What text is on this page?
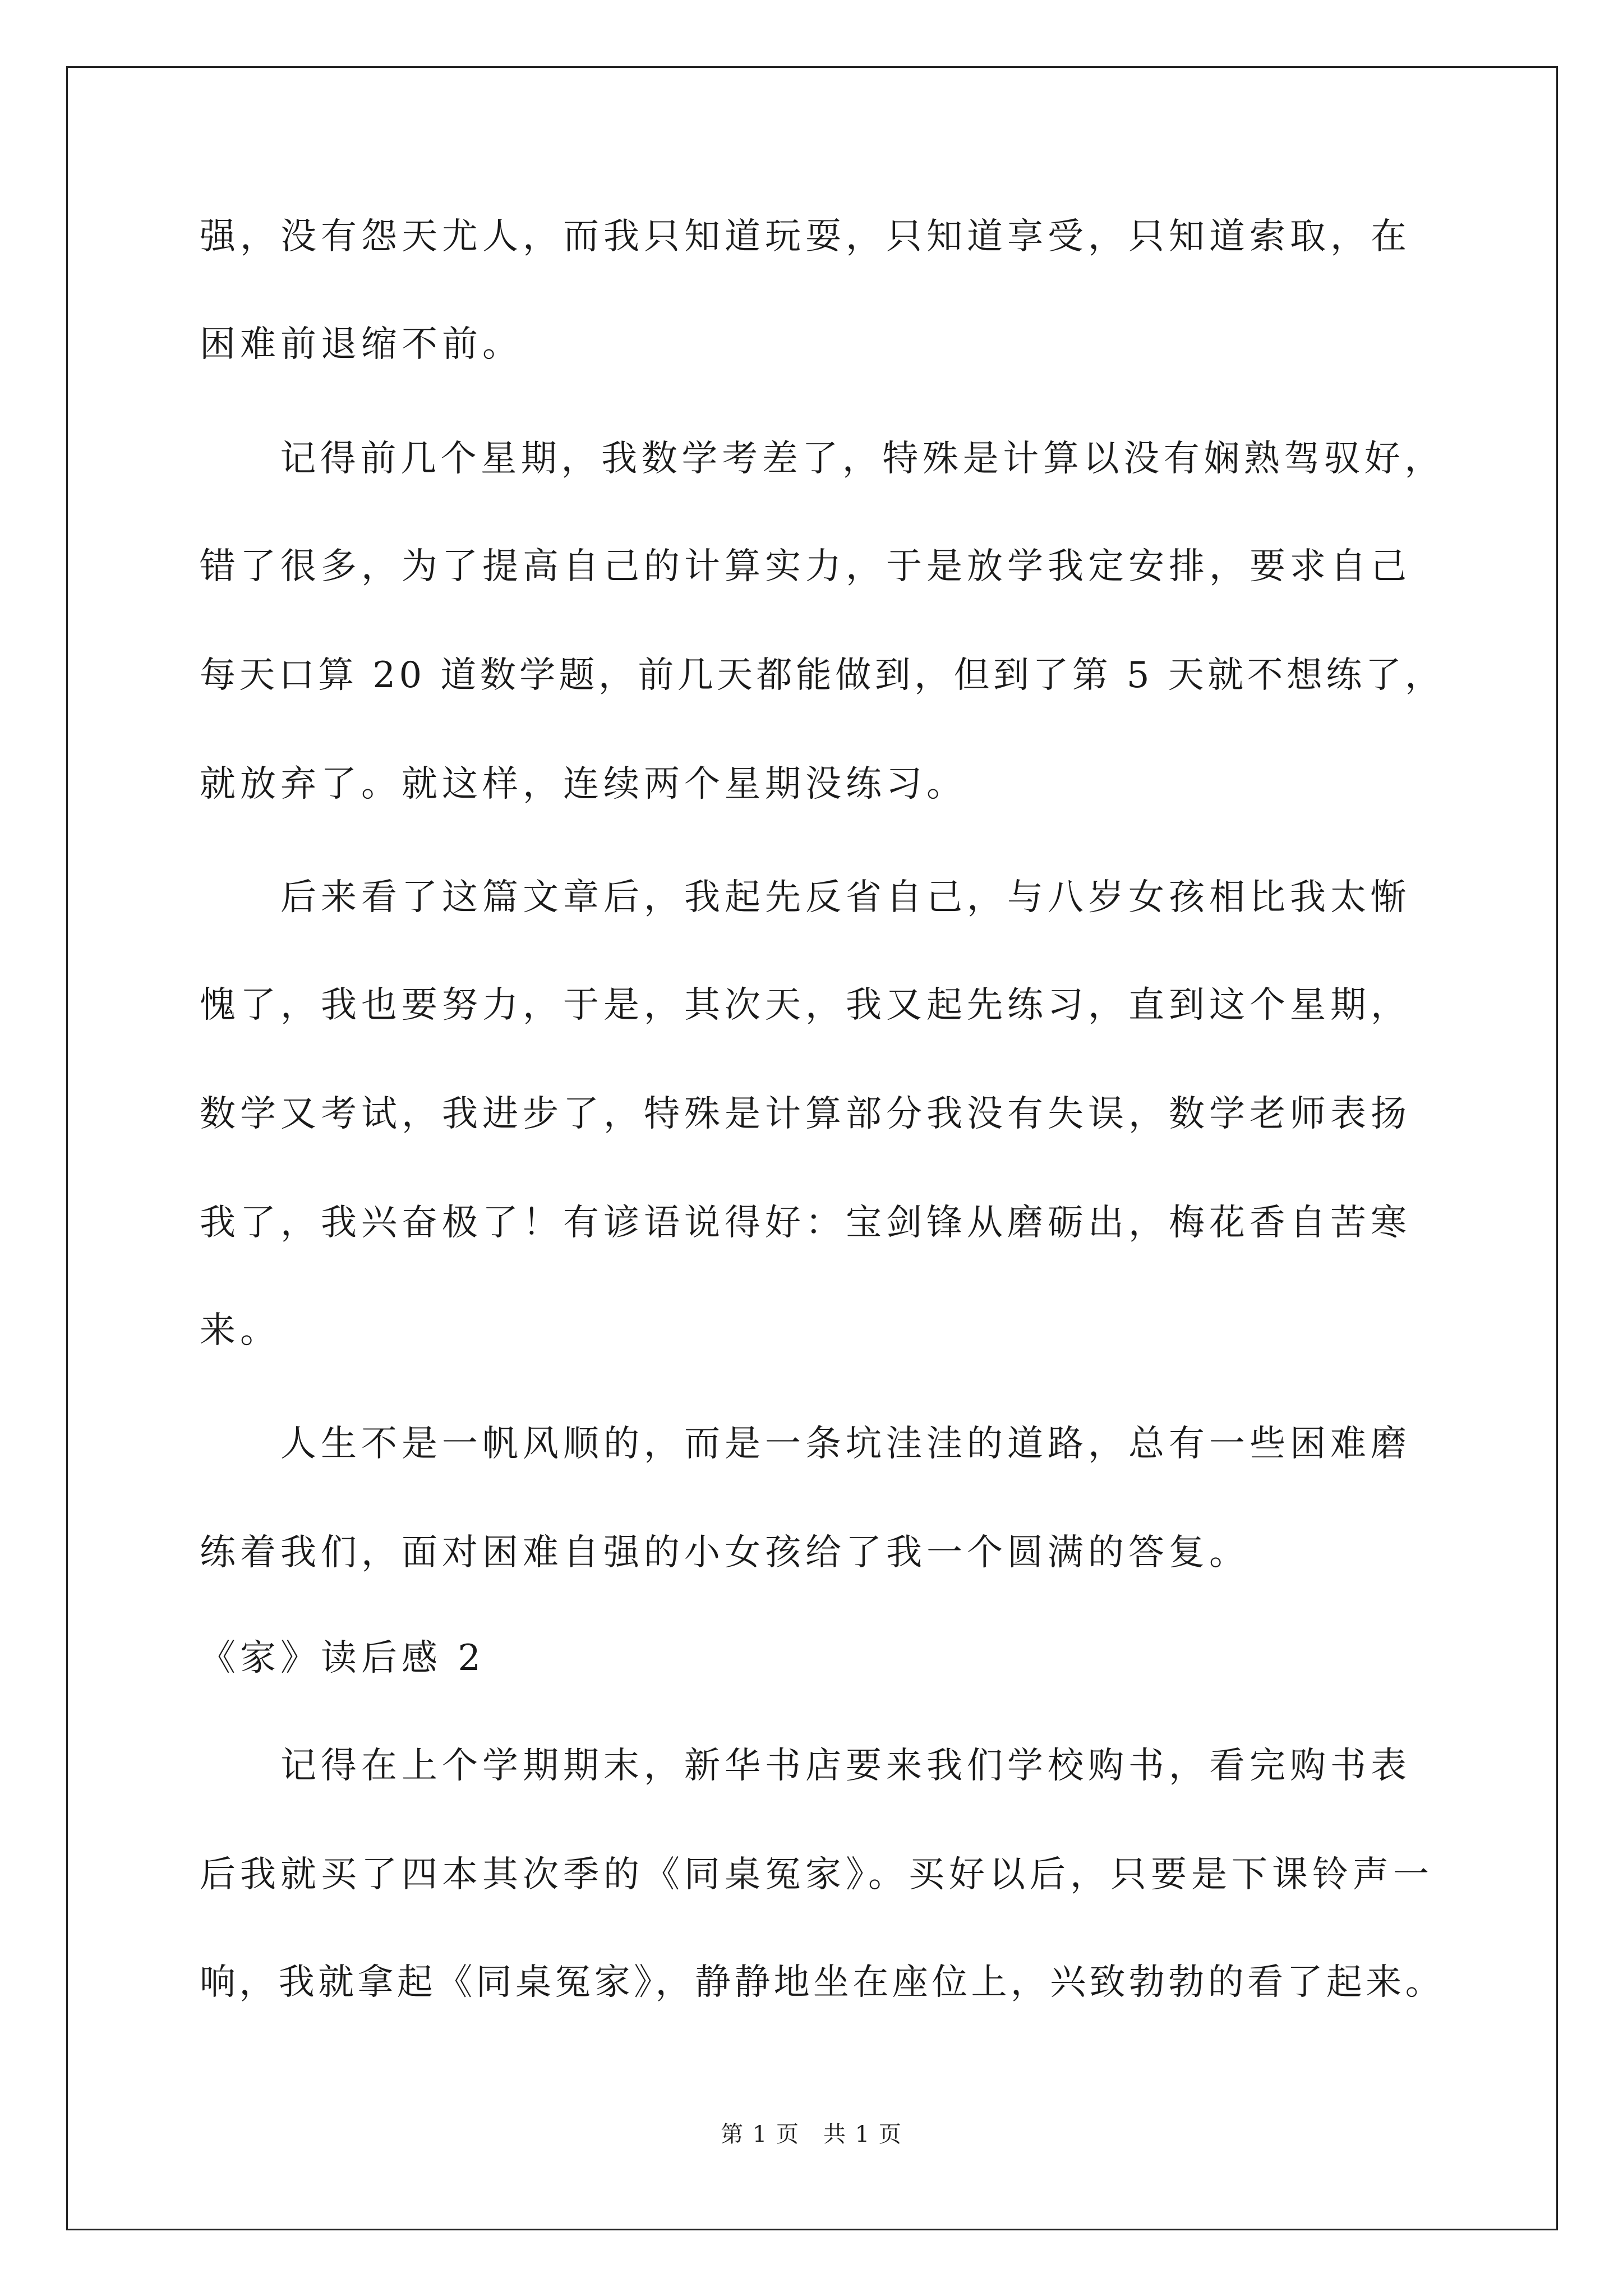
强，没有怨天尤人，而我只知道玩耍，只知道享受，只知道索取，在
困难前退缩不前。
　　记得前几个星期，我数学考差了，特殊是计算以没有娴熟驾驭好，
错了很多，为了提高自己的计算实力，于是放学我定安排，要求自己
每天口算 20 道数学题，前几天都能做到，但到了第 5 天就不想练了，
就放弃了。就这样，连续两个星期没练习。
　　后来看了这篇文章后，我起先反省自己，与八岁女孩相比我太惭
愧了，我也要努力，于是，其次天，我又起先练习，直到这个星期，
数学又考试，我进步了，特殊是计算部分我没有失误，数学老师表扬
我了，我兴奋极了！有谚语说得好：宝剑锋从磨砺出，梅花香自苦寒
来。
　　人生不是一帆风顺的，而是一条坑洼洼的道路，总有一些困难磨
练着我们，面对困难自强的小女孩给了我一个圆满的答复。
《家》读后感 2
　　记得在上个学期期末，新华书店要来我们学校购书，看完购书表
后我就买了四本其次季的《同桌冤家》。买好以后，只要是下课铃声一
响，我就拿起《同桌冤家》，静静地坐在座位上，兴致勃勃的看了起来。
第 1 页　共 1 页
